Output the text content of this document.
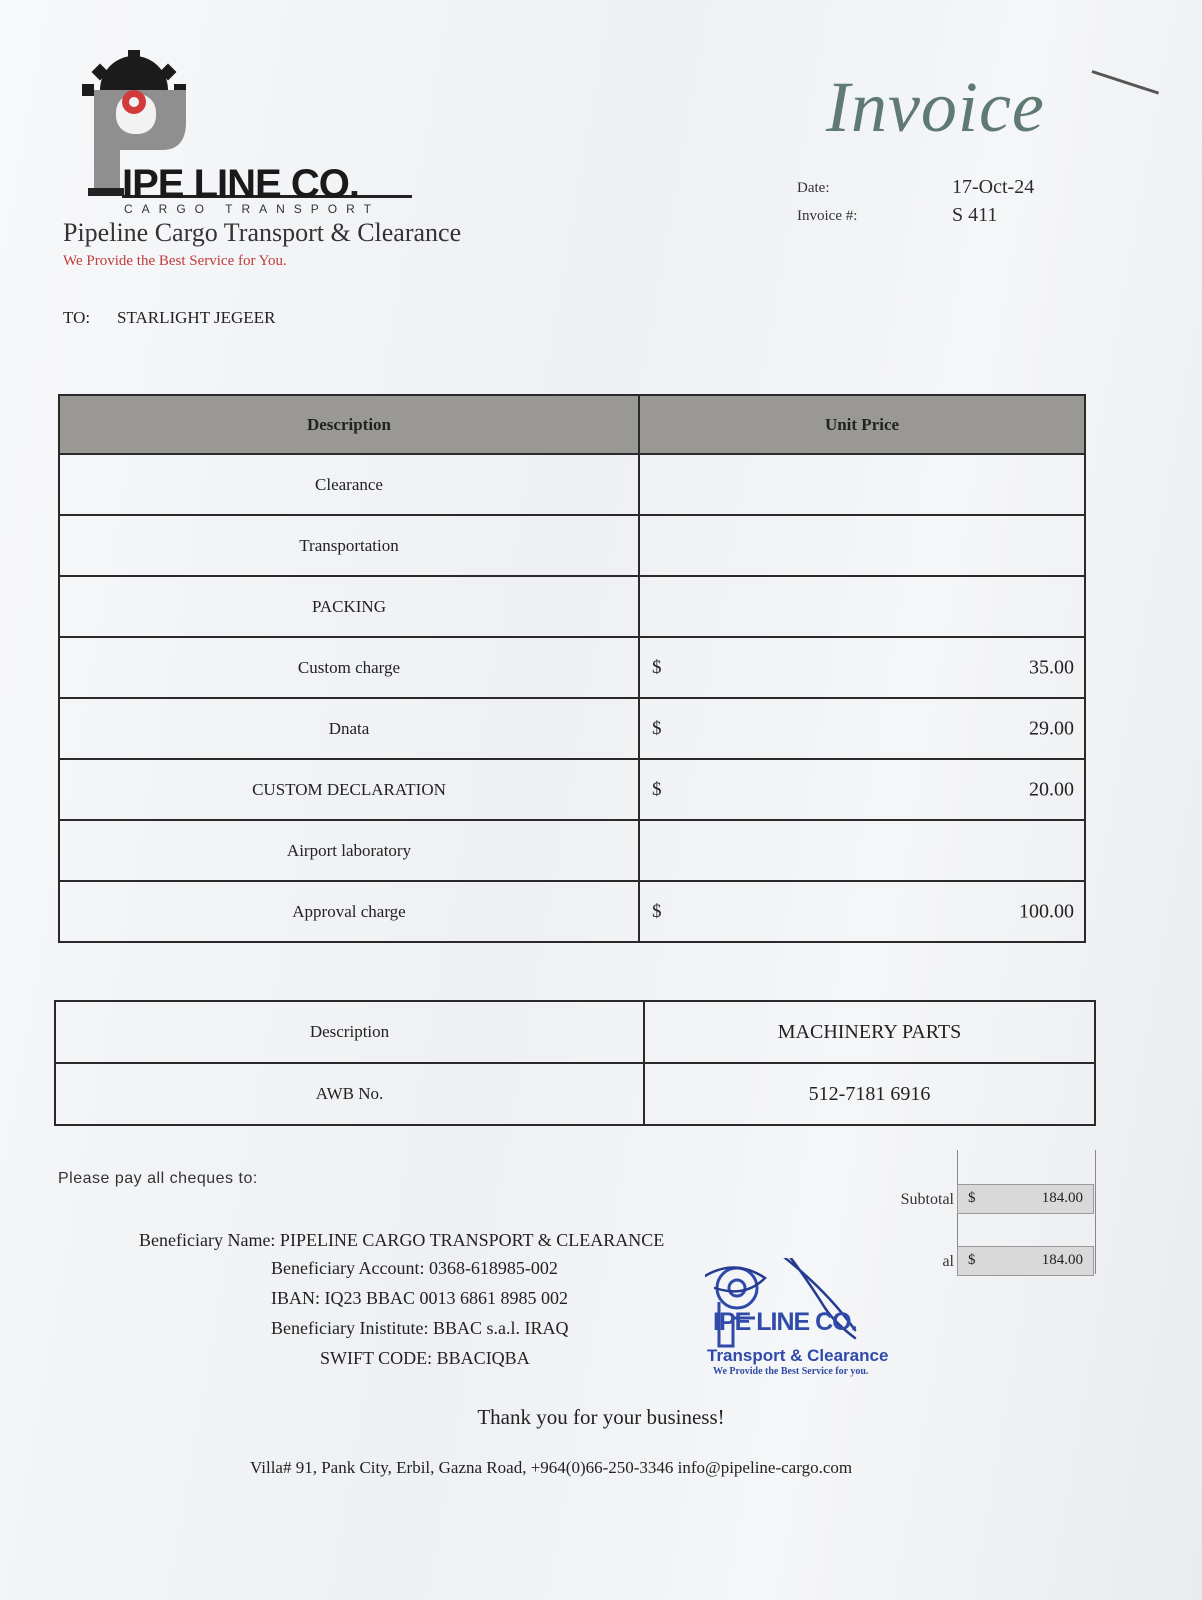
IPE LINE CO.
CARGO TRANSPORT
Pipeline Cargo Transport & Clearance
We Provide the Best Service for You.
Invoice
Date:	17-Oct-24
Invoice #:	S 411
TO: STARLIGHT JEGEER
Description	Unit Price
Clearance	

Transportation	

PACKING	

Custom charge	$ 35.00

Dnata	$ 29.00

CUSTOM DECLARATION	$ 20.00

Airport laboratory	

Approval charge	$ 100.00
Description	MACHINERY PARTS
AWB No.	512-7181 6916
Please pay all cheques to:
Beneficiary Name: PIPELINE CARGO TRANSPORT & CLEARANCE
Beneficiary Account: 0368-618985-002
IBAN: IQ23 BBAC 0013 6861 8985 002
Beneficiary Inistitute: BBAC s.a.l. IRAQ
SWIFT CODE: BBACIQBA
Subtotal $	184.00
al $	184.00
IPE LINE CO.
Transport & Clearance
We Provide the Best Service for you.
Thank you for your business!
Villa# 91, Pank City, Erbil, Gazna Road, +964(0)66-250-3346 info@pipeline-cargo.com
